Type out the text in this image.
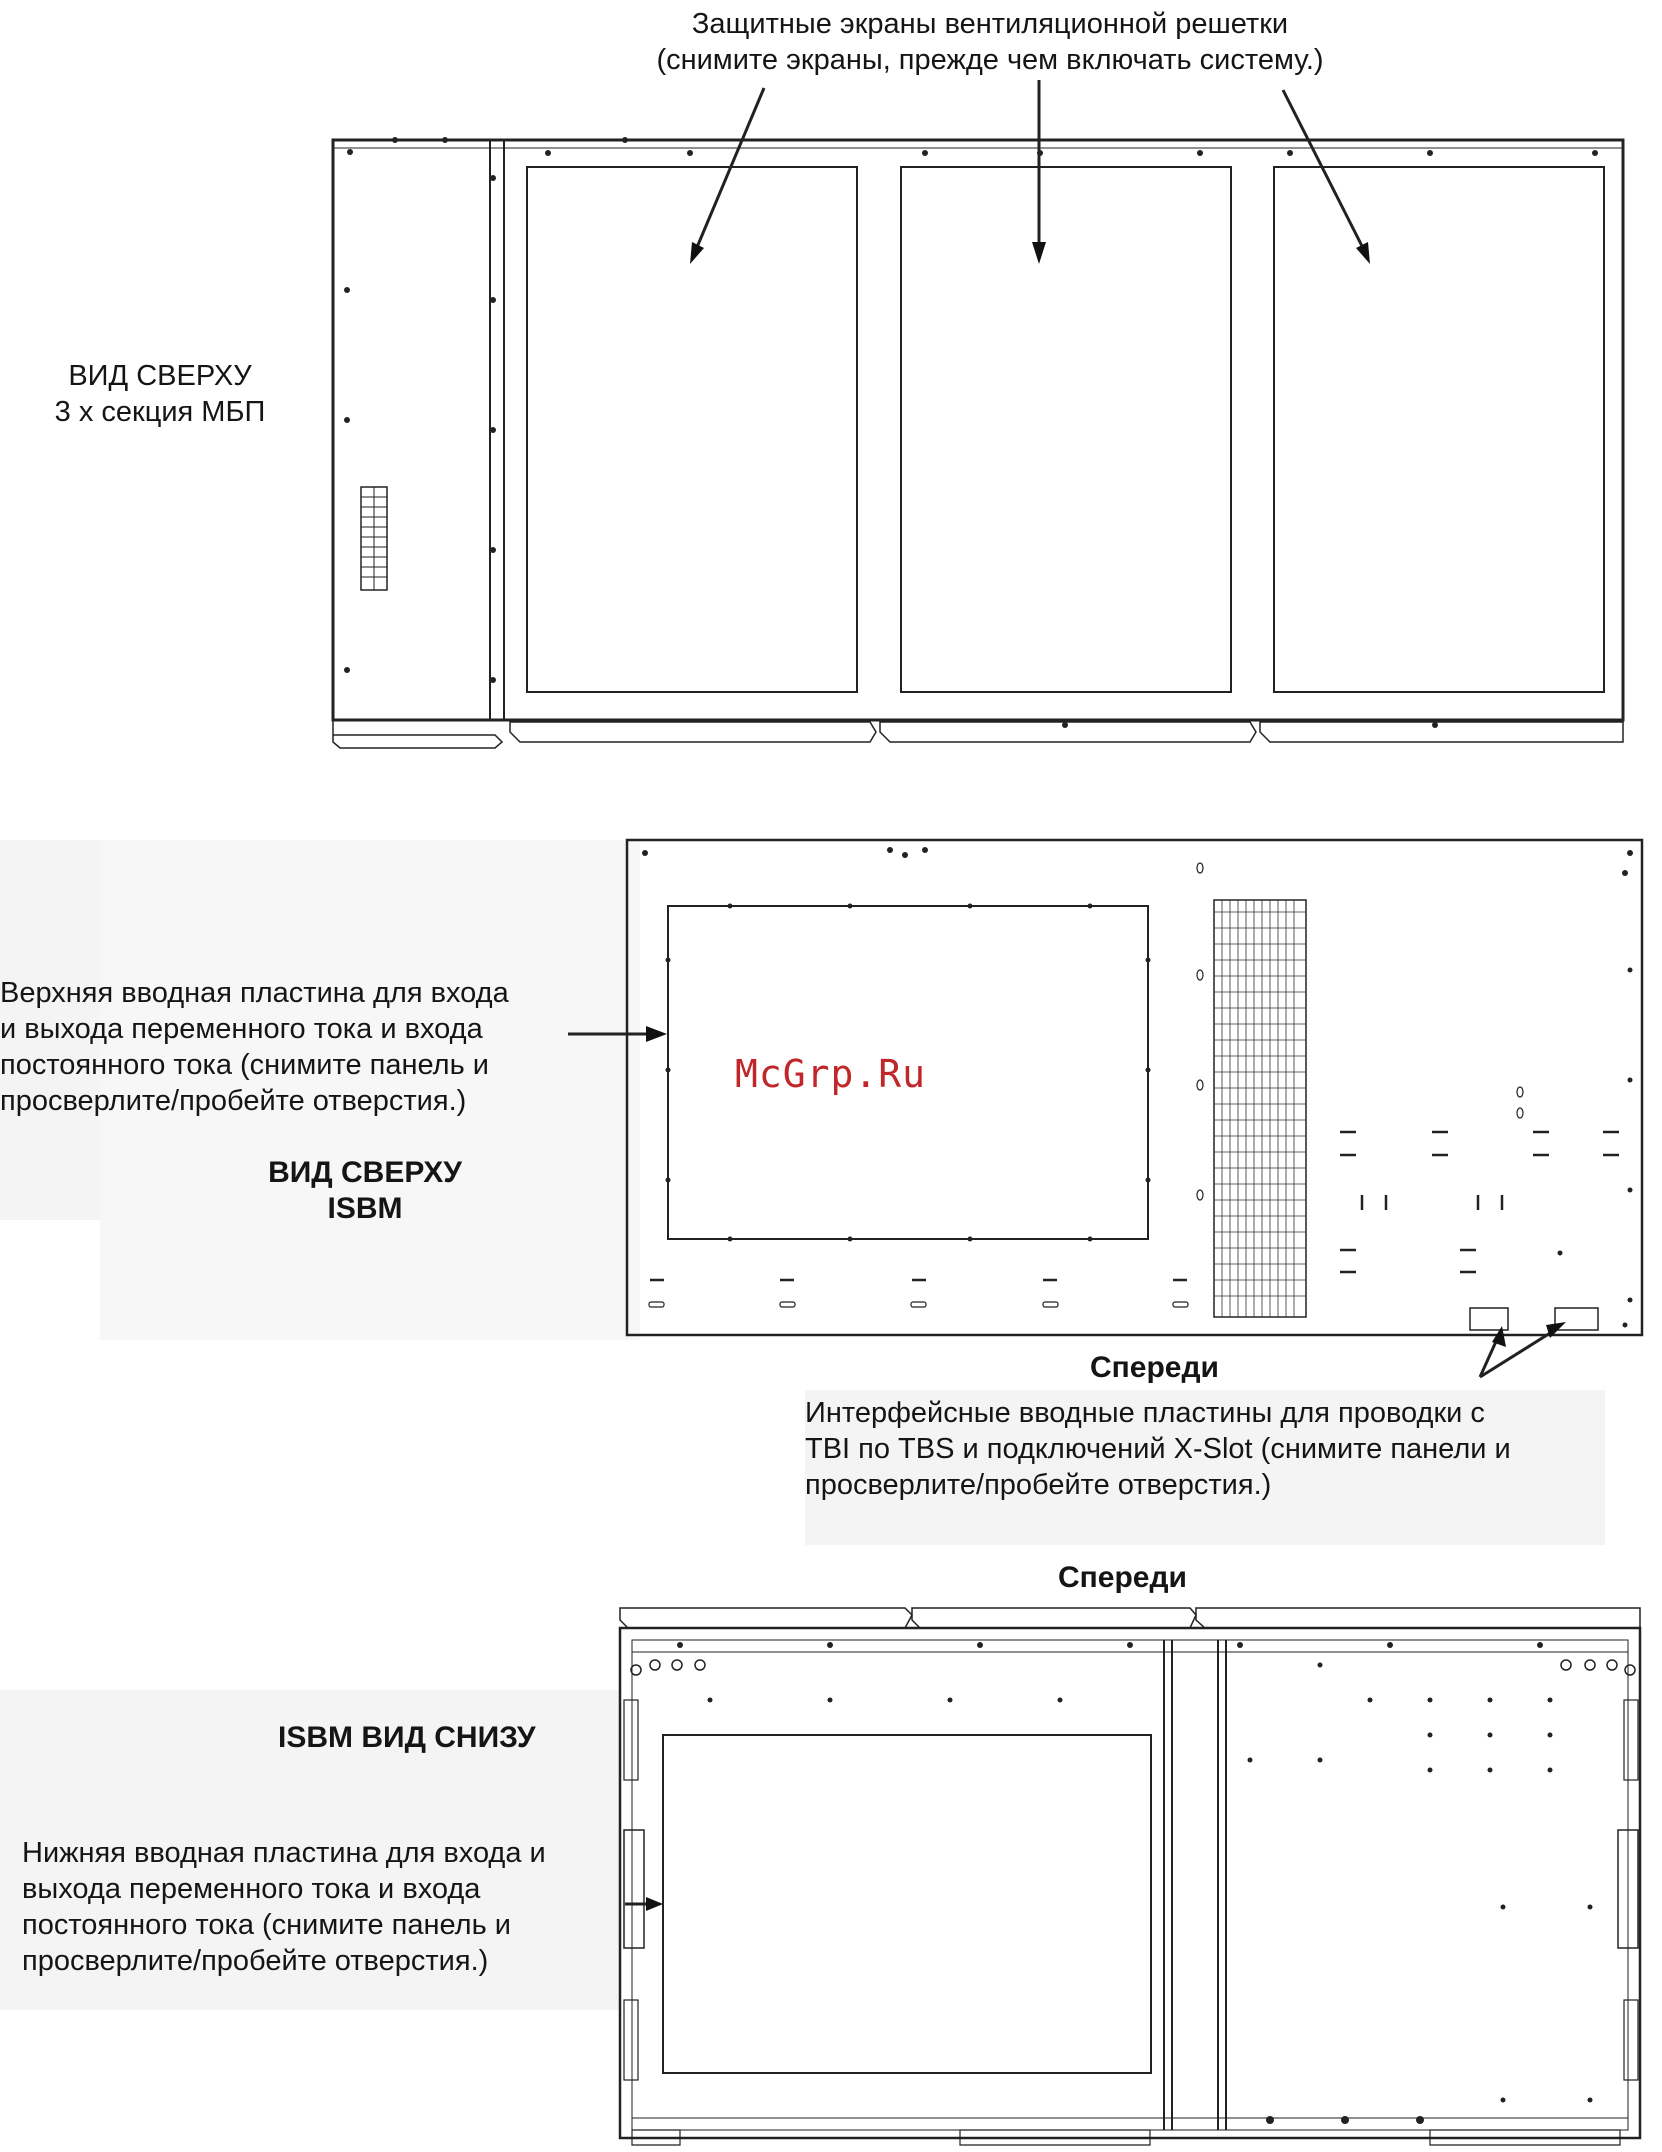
Защитные экраны вентиляционной решетки
(снимите экраны, прежде чем включать систему.)
ВИД СВЕРХУ
3 х секция МБП
Верхняя вводная пластина для входа
и выхода переменного тока и входа
постоянного тока (снимите панель и
просверлите/пробейте отверстия.)
ВИД СВЕРХУ
ISBM
McGrp.Ru
Спереди
Интерфейсные вводные пластины для проводки с
TBI по TBS и подключений X-Slot (снимите панели и
просверлите/пробейте отверстия.)
Спереди
ISBM ВИД СНИЗУ
Нижняя вводная пластина для входа и
выхода переменного тока и входа
постоянного тока (снимите панель и
просверлите/пробейте отверстия.)
